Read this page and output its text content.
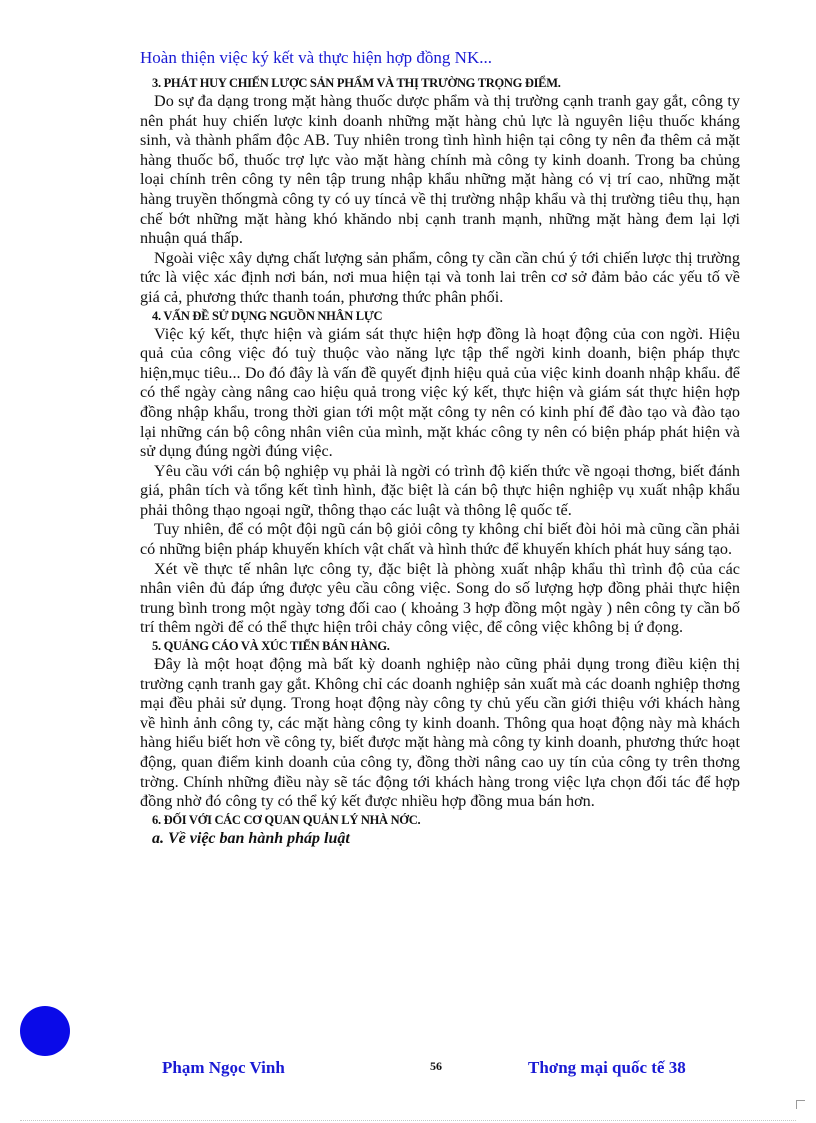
Hoàn thiện việc ký kết và thực hiện hợp đồng NK...
3. PHÁT HUY CHIẾN LƯỢC SẢN PHẨM VÀ THỊ TRƯỜNG TRỌNG ĐIỂM.

Do sự đa dạng trong mặt hàng thuốc dược phẩm và thị trường cạnh tranh gay gắt, công ty nên phát huy chiến lược kinh doanh những mặt hàng chủ lực là nguyên liệu thuốc kháng sinh, và thành phẩm độc AB. Tuy nhiên trong tình hình hiện tại công ty nên đa thêm cả mặt hàng thuốc bổ, thuốc trợ lực vào mặt hàng chính mà công ty kinh doanh. Trong ba chủng loại chính trên công ty nên tập trung nhập khẩu những mặt hàng có vị trí cao, những mặt hàng truyền thốngmà công ty có uy tíncả về thị trường nhập khẩu và thị trường tiêu thụ, hạn chế bớt những mặt hàng khó khăndo nbị cạnh tranh mạnh, những mặt hàng đem lại lợi nhuận quá thấp.

Ngoài việc xây dựng chất lượng sản phẩm, công ty cần cần chú ý tới chiến lược thị trường tức là việc xác định nơi bán, nơi mua hiện tại và tonh lai trên cơ sở đảm bảo các yếu tố về giá cả, phương thức thanh toán, phương thức phân phối.

4. VẤN ĐỀ SỬ DỤNG NGUỒN NHÂN LỰC

Việc ký kết, thực hiện và giám sát thực hiện hợp đồng là hoạt động của con ngời. Hiệu quả của công việc đó tuỳ thuộc vào năng lực tập thể ngời kinh doanh, biện pháp thực hiện,mục tiêu... Do đó đây là vấn đề quyết định hiệu quả của việc kinh doanh nhập khẩu. để có thể ngày càng nâng cao hiệu quả trong việc ký kết, thực hiện và giám sát thực hiện hợp đồng nhập khẩu, trong thời gian tới một mặt công ty nên có kinh phí để đào tạo và đào tạo lại những cán bộ công nhân viên của mình, mặt khác công ty nên có biện pháp phát hiện và sử dụng đúng ngời đúng việc.

Yêu cầu với cán bộ nghiệp vụ phải là ngời có trình độ kiến thức về ngoại thơng, biết đánh giá, phân tích và tổng kết tình hình, đặc biệt là cán bộ thực hiện nghiệp vụ xuất nhập khẩu phải thông thạo ngoại ngữ, thông thạo các luật và thông lệ quốc tế.

Tuy nhiên, để có một đội ngũ cán bộ giỏi công ty không chỉ biết đòi hỏi mà cũng cần phải có những biện pháp khuyến khích vật chất và hình thức để khuyến khích phát huy sáng tạo.

Xét về thực tế nhân lực công ty, đặc biệt là phòng xuất nhập khẩu thì trình độ của các nhân viên đủ đáp ứng được yêu cầu công việc. Song do số lượng hợp đồng phải thực hiện trung bình trong một ngày tơng đối cao ( khoảng 3 hợp đồng một ngày ) nên công ty cần bố trí thêm ngời để có thể thực hiện trôi chảy công việc, để công việc không bị ứ đọng.

5. QUẢNG CÁO VÀ XÚC TIẾN BÁN HÀNG.

Đây là một hoạt động mà bất kỳ doanh nghiệp nào cũng phải dụng trong điều kiện thị trường cạnh tranh gay gắt. Không chỉ các doanh nghiệp sản xuất mà các doanh nghiệp thơng mại đều phải sử dụng. Trong hoạt động này công ty chủ yếu cần giới thiệu với khách hàng về hình ảnh công ty, các mặt hàng công ty kinh doanh. Thông qua hoạt động này mà khách hàng hiểu biết hơn về công ty, biết được mặt hàng mà công ty kinh doanh, phương thức hoạt động, quan điểm kinh doanh của công ty, đồng thời nâng cao uy tín của công ty trên thơng trờng. Chính những điều này sẽ tác động tới khách hàng trong việc lựa chọn đối tác để hợp đồng nhờ đó công ty có thể ký kết được nhiều hợp đồng mua bán hơn.

6. ĐỐI VỚI CÁC CƠ QUAN QUẢN LÝ NHÀ NỚC.
a. Về việc ban hành pháp luật
Phạm Ngọc Vinh	56	Thơng mại quốc tế 38
